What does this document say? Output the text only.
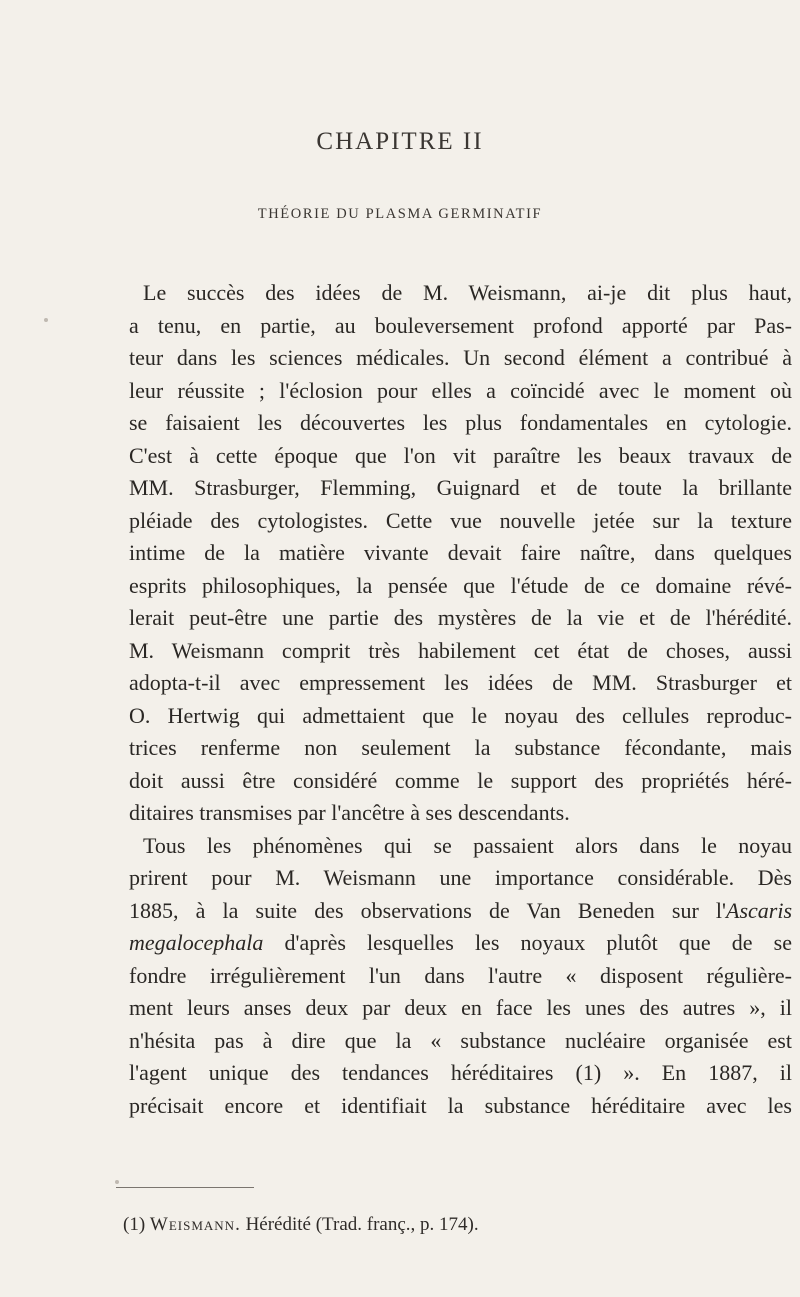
CHAPITRE II
THÉORIE DU PLASMA GERMINATIF
Le succès des idées de M. Weismann, ai-je dit plus haut,
a tenu, en partie, au bouleversement profond apporté par Pas-
teur dans les sciences médicales. Un second élément a contribué à
leur réussite ; l'éclosion pour elles a coïncidé avec le moment où
se faisaient les découvertes les plus fondamentales en cytologie.
C'est à cette époque que l'on vit paraître les beaux travaux de
MM. Strasburger, Flemming, Guignard et de toute la brillante
pléiade des cytologistes. Cette vue nouvelle jetée sur la texture
intime de la matière vivante devait faire naître, dans quelques
esprits philosophiques, la pensée que l'étude de ce domaine révé-
lerait peut-être une partie des mystères de la vie et de l'hérédité.
M. Weismann comprit très habilement cet état de choses, aussi
adopta-t-il avec empressement les idées de MM. Strasburger et
O. Hertwig qui admettaient que le noyau des cellules reproduc-
trices renferme non seulement la substance fécondante, mais
doit aussi être considéré comme le support des propriétés héré-
ditaires transmises par l'ancêtre à ses descendants.
Tous les phénomènes qui se passaient alors dans le noyau
prirent pour M. Weismann une importance considérable. Dès
1885, à la suite des observations de Van Beneden sur l'Ascaris
megalocephala d'après lesquelles les noyaux plutôt que de se
fondre irrégulièrement l'un dans l'autre « disposent régulière-
ment leurs anses deux par deux en face les unes des autres », il
n'hésita pas à dire que la « substance nucléaire organisée est
l'agent unique des tendances héréditaires (1) ». En 1887, il
précisait encore et identifiait la substance héréditaire avec les
(1) Weismann. Hérédité (Trad. franç., p. 174).
